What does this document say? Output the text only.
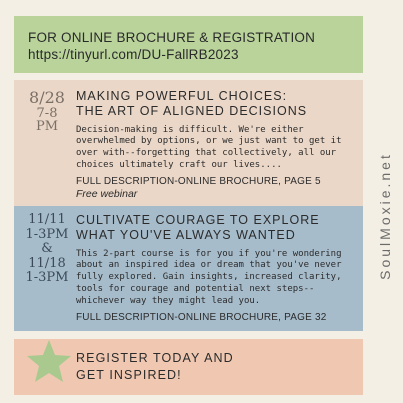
FOR ONLINE BROCHURE & REGISTRATION
https://tinyurl.com/DU-FallRB2023
8/28
7-8
PM
MAKING POWERFUL CHOICES:
THE ART OF ALIGNED DECISIONS
Decision-making is difficult. We're either overwhelmed by options, or we just want to get it over with--forgetting that collectively, all our choices ultimately craft our lives....
FULL DESCRIPTION-ONLINE BROCHURE, PAGE 5
Free webinar
11/11
1-3PM
&
11/18
1-3PM
CULTIVATE COURAGE TO EXPLORE
WHAT YOU'VE ALWAYS WANTED
This 2-part course is for you if you're wondering about an inspired idea or dream that you've never fully explored. Gain insights, increased clarity, tools for courage and potential next steps--whichever way they might lead you.
FULL DESCRIPTION-ONLINE BROCHURE, PAGE 32
REGISTER TODAY AND
GET INSPIRED!
SoulMoxie.net
